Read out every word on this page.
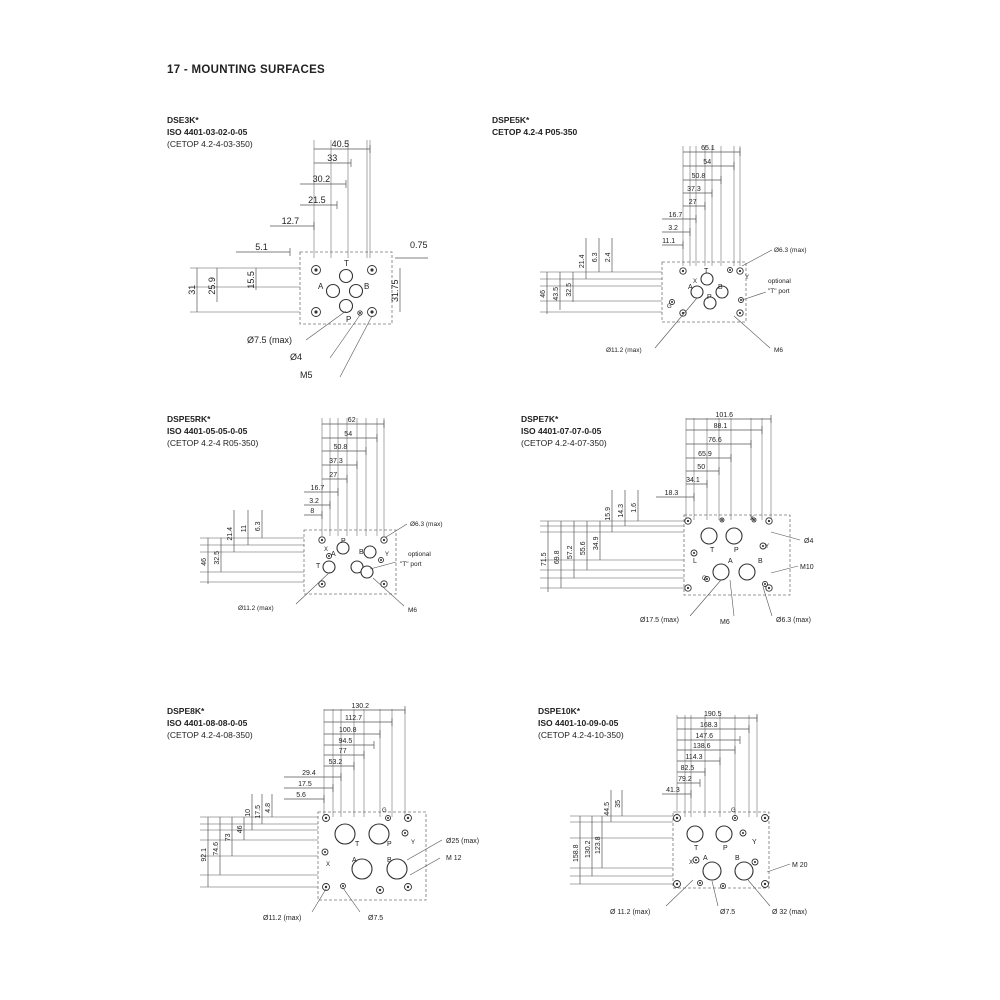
17 - MOUNTING SURFACES
DSE3K*
ISO 4401-03-02-0-05
(CETOP 4.2-4-03-350)
DSPE5K*
CETOP 4.2-4 P05-350
DSPE5RK*
ISO 4401-05-05-0-05
(CETOP 4.2-4 R05-350)
DSPE7K*
ISO 4401-07-07-0-05
(CETOP 4.2-4-07-350)
DSPE8K*
ISO 4401-08-08-0-05
(CETOP 4.2-4-08-350)
DSPE10K*
ISO 4401-10-09-0-05
(CETOP 4.2-4-10-350)
40.5
33
30.2
21.5
12.7
5.1	0.75
31 25.9	15.5	31.75
T
A	B
P
Ø7.5 (max)
Ø4
M5
65.1
54
50.8
37.3
27
16.7
3.2
11.1
21.4 6.3 2.4
46 43.5 32.5
T
A
P
B
X
Y
G
Ø6.3 (max)
optional
"T" port
Ø11.2 (max)	M6
62
54
50.8
37.3
27
16.7
3.2
8
21.4 11 6.3
46 32.5
P
A	B
T
X
Y
Ø6.3 (max)
optional
"T" port
Ø11.2 (max)	M6
101.6
88.1
76.6
65.9
50
34.1
18.3
15.9 14.3 1.6
71.5 69.8 57.2 55.6 34.9
T	P
X
Y
L	A	B
G
Ø4
M10
Ø17.5 (max)	M6	Ø6.3 (max)
130.2
112.7
100.8
94.5
77
53.2
29.4
17.5
5.6
10 17.5 4.8
92.1 74.6
73
46
T	P
G
Y
X
A	B
Ø25 (max)
M 12
Ø11.2 (max)	Ø7.5
190.5
168.3
147.6
138.6
114.3
82.5
79.2
41.3
44.5 35
158.8 130.2 123.8	T	P
G
X
A	B
Y
Ø 11.2 (max)	Ø7.5	Ø 32 (max)
M 20
